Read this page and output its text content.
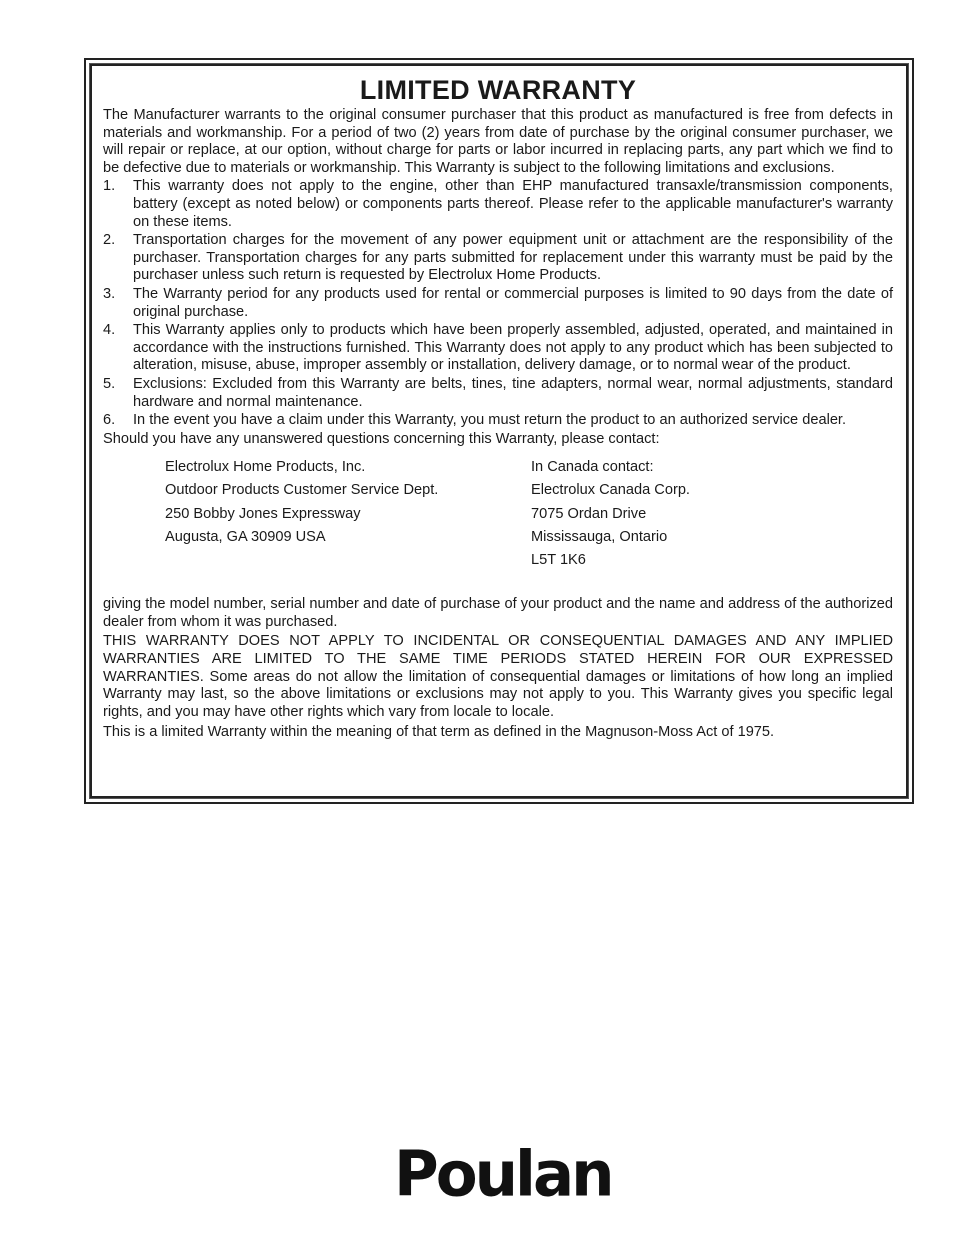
LIMITED WARRANTY

The Manufacturer warrants to the original consumer purchaser that this product as manufactured is free from defects in materials and workmanship. For a period of two (2) years from date of purchase by the original consumer purchaser, we will repair or replace, at our option, without charge for parts or labor incurred in replacing parts, any part which we find to be defective due to materials or workmanship. This Warranty is subject to the following limitations and exclusions.

1. This warranty does not apply to the engine, other than EHP manufactured transaxle/transmission components, battery (except as noted below) or components parts thereof. Please refer to the applicable manufacturer's warranty on these items.
2. Transportation charges for the movement of any power equipment unit or attachment are the responsibility of the purchaser. Transportation charges for any parts submitted for replacement under this warranty must be paid by the purchaser unless such return is requested by Electrolux Home Products.
3. The Warranty period for any products used for rental or commercial purposes is limited to 90 days from the date of original purchase.
4. This Warranty applies only to products which have been properly assembled, adjusted, operated, and maintained in accordance with the instructions furnished. This Warranty does not apply to any product which has been subjected to alteration, misuse, abuse, improper assembly or installation, delivery damage, or to normal wear of the product.
5. Exclusions: Excluded from this Warranty are belts, tines, tine adapters, normal wear, normal adjustments, standard hardware and normal maintenance.
6. In the event you have a claim under this Warranty, you must return the product to an authorized service dealer.

Should you have any unanswered questions concerning this Warranty, please contact:

Electrolux Home Products, Inc.
Outdoor Products Customer Service Dept.
250 Bobby Jones Expressway
Augusta, GA 30909 USA
In Canada contact:
Electrolux Canada Corp.
7075 Ordan Drive
Mississauga, Ontario
L5T 1K6

giving the model number, serial number and date of purchase of your product and the name and address of the authorized dealer from whom it was purchased.

THIS WARRANTY DOES NOT APPLY TO INCIDENTAL OR CONSEQUENTIAL DAMAGES AND ANY IMPLIED WARRANTIES ARE LIMITED TO THE SAME TIME PERIODS STATED HEREIN FOR OUR EXPRESSED WARRANTIES. Some areas do not allow the limitation of consequential damages or limitations of how long an implied Warranty may last, so the above limitations or exclusions may not apply to you. This Warranty gives you specific legal rights, and you may have other rights which vary from locale to locale.

This is a limited Warranty within the meaning of that term as defined in the Magnuson-Moss Act of 1975.

Poulan
